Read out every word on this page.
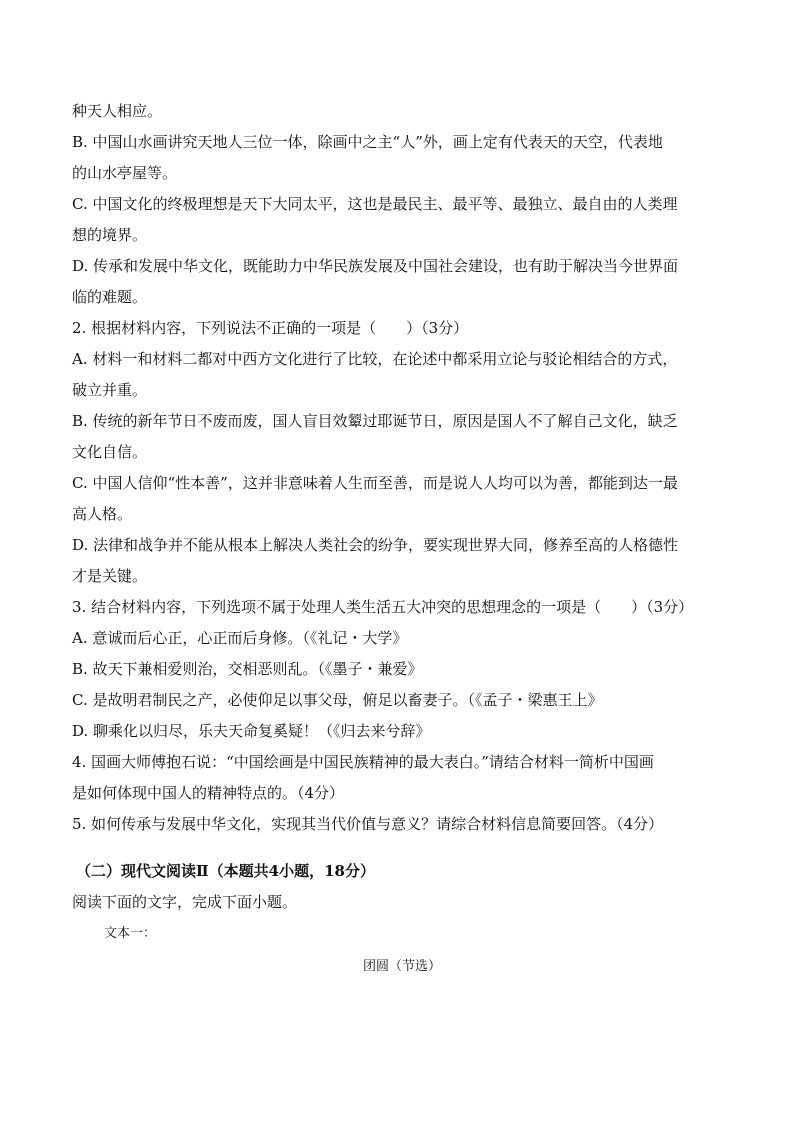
种天人相应。
B. 中国山水画讲究天地人三位一体，除画中之主“人”外，画上定有代表天的天空，代表地
的山水亭屋等。
C. 中国文化的终极理想是天下大同太平，这也是最民主、最平等、最独立、最自由的人类理
想的境界。
D. 传承和发展中华文化，既能助力中华民族发展及中国社会建设，也有助于解决当今世界面
临的难题。
2. 根据材料内容，下列说法不正确的一项是（　　）（3分）
A. 材料一和材料二都对中西方文化进行了比较，在论述中都采用立论与驳论相结合的方式，
破立并重。
B. 传统的新年节日不废而废，国人盲目效颦过耶诞节日，原因是国人不了解自己文化，缺乏
文化自信。
C. 中国人信仰“性本善”，这并非意味着人生而至善，而是说人人均可以为善，都能到达一最
高人格。
D. 法律和战争并不能从根本上解决人类社会的纷争，要实现世界大同，修养至高的人格德性
才是关键。
3. 结合材料内容，下列选项不属于处理人类生活五大冲突的思想理念的一项是（　　）（3分）
A. 意诚而后心正，心正而后身修。（《礼记・大学》
B. 故天下兼相爱则治，交相恶则乱。（《墨子・兼爱》
C. 是故明君制民之产，必使仰足以事父母，俯足以畜妻子。（《孟子・梁惠王上》
D. 聊乘化以归尽，乐夫天命复奚疑！（《归去来兮辞》
4. 国画大师傅抱石说：“中国绘画是中国民族精神的最大表白。”请结合材料一简析中国画
是如何体现中国人的精神特点的。（4分）
5. 如何传承与发展中华文化，实现其当代价值与意义？请综合材料信息简要回答。（4分）
（二）现代文阅读Ⅱ（本题共4小题，18分）
阅读下面的文字，完成下面小题。
文本一：
团圆（节选）
